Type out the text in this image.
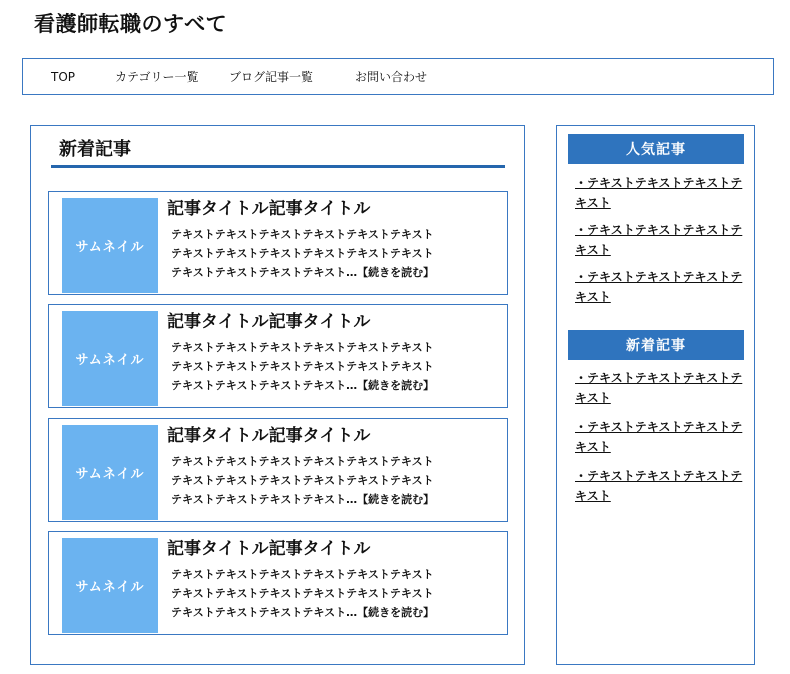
看護師転職のすべて
TOP	カテゴリー一覧	ブログ記事一覧	お問い合わせ
新着記事
サムネイル
記事タイトル記事タイトル
テキストテキストテキストテキストテキストテキスト
テキストテキストテキストテキストテキストテキスト
テキストテキストテキストテキスト…【続きを読む】
サムネイル
記事タイトル記事タイトル
テキストテキストテキストテキストテキストテキスト
テキストテキストテキストテキストテキストテキスト
テキストテキストテキストテキスト…【続きを読む】
サムネイル
記事タイトル記事タイトル
テキストテキストテキストテキストテキストテキスト
テキストテキストテキストテキストテキストテキスト
テキストテキストテキストテキスト…【続きを読む】
サムネイル
記事タイトル記事タイトル
テキストテキストテキストテキストテキストテキスト
テキストテキストテキストテキストテキストテキスト
テキストテキストテキストテキスト…【続きを読む】
人気記事
・テキストテキストテキストテキスト
・テキストテキストテキストテキスト
・テキストテキストテキストテキスト
新着記事
・テキストテキストテキストテキスト
・テキストテキストテキストテキスト
・テキストテキストテキストテキスト
